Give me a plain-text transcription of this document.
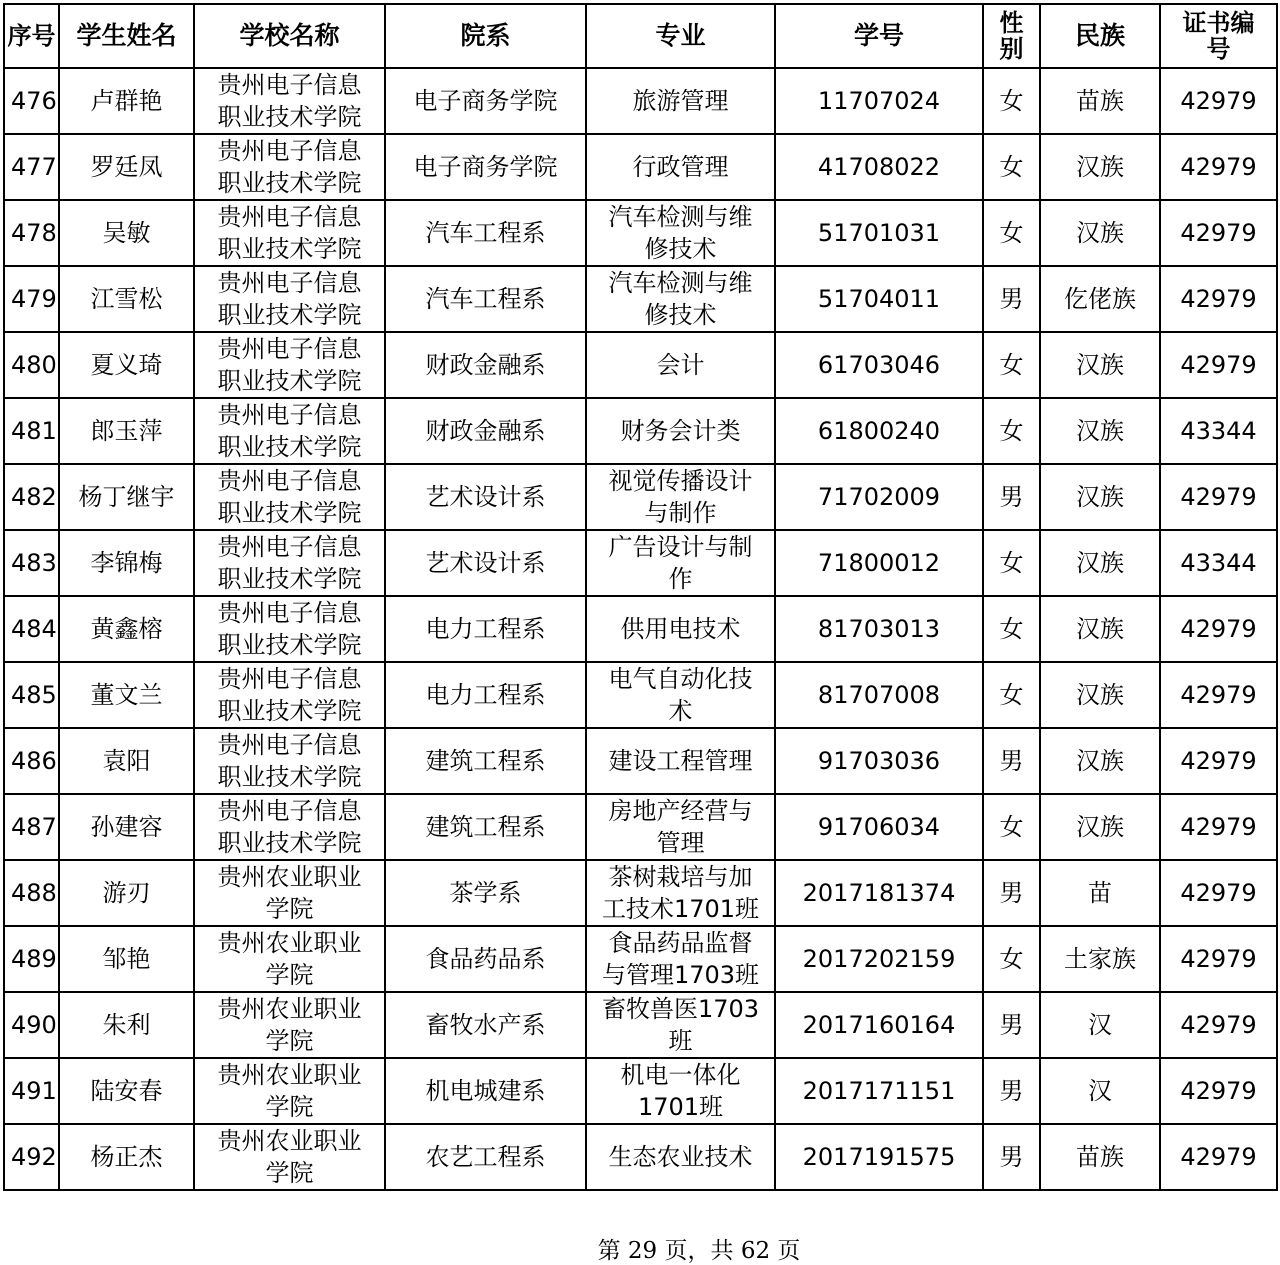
序号	学生姓名	学校名称	院系	专业	学号	性别	民族	证书编号
476	卢群艳	贵州电子信息职业技术学院	电子商务学院	旅游管理	11707024	女	苗族	42979
477	罗廷凤	贵州电子信息职业技术学院	电子商务学院	行政管理	41708022	女	汉族	42979
478	吴敏	贵州电子信息职业技术学院	汽车工程系	汽车检测与维修技术	51701031	女	汉族	42979
479	江雪松	贵州电子信息职业技术学院	汽车工程系	汽车检测与维修技术	51704011	男	仡佬族	42979
480	夏义琦	贵州电子信息职业技术学院	财政金融系	会计	61703046	女	汉族	42979
481	郎玉萍	贵州电子信息职业技术学院	财政金融系	财务会计类	61800240	女	汉族	43344
482	杨丁继宇	贵州电子信息职业技术学院	艺术设计系	视觉传播设计与制作	71702009	男	汉族	42979
483	李锦梅	贵州电子信息职业技术学院	艺术设计系	广告设计与制作	71800012	女	汉族	43344
484	黄鑫榕	贵州电子信息职业技术学院	电力工程系	供用电技术	81703013	女	汉族	42979
485	董文兰	贵州电子信息职业技术学院	电力工程系	电气自动化技术	81707008	女	汉族	42979
486	袁阳	贵州电子信息职业技术学院	建筑工程系	建设工程管理	91703036	男	汉族	42979
487	孙建容	贵州电子信息职业技术学院	建筑工程系	房地产经营与管理	91706034	女	汉族	42979
488	游刃	贵州农业职业学院	茶学系	茶树栽培与加工技术1701班	2017181374	男	苗	42979
489	邹艳	贵州农业职业学院	食品药品系	食品药品监督与管理1703班	2017202159	女	土家族	42979
490	朱利	贵州农业职业学院	畜牧水产系	畜牧兽医1703班	2017160164	男	汉	42979
491	陆安春	贵州农业职业学院	机电城建系	机电一体化1701班	2017171151	男	汉	42979
492	杨正杰	贵州农业职业学院	农艺工程系	生态农业技术	2017191575	男	苗族	42979
第 29 页，共 62 页
